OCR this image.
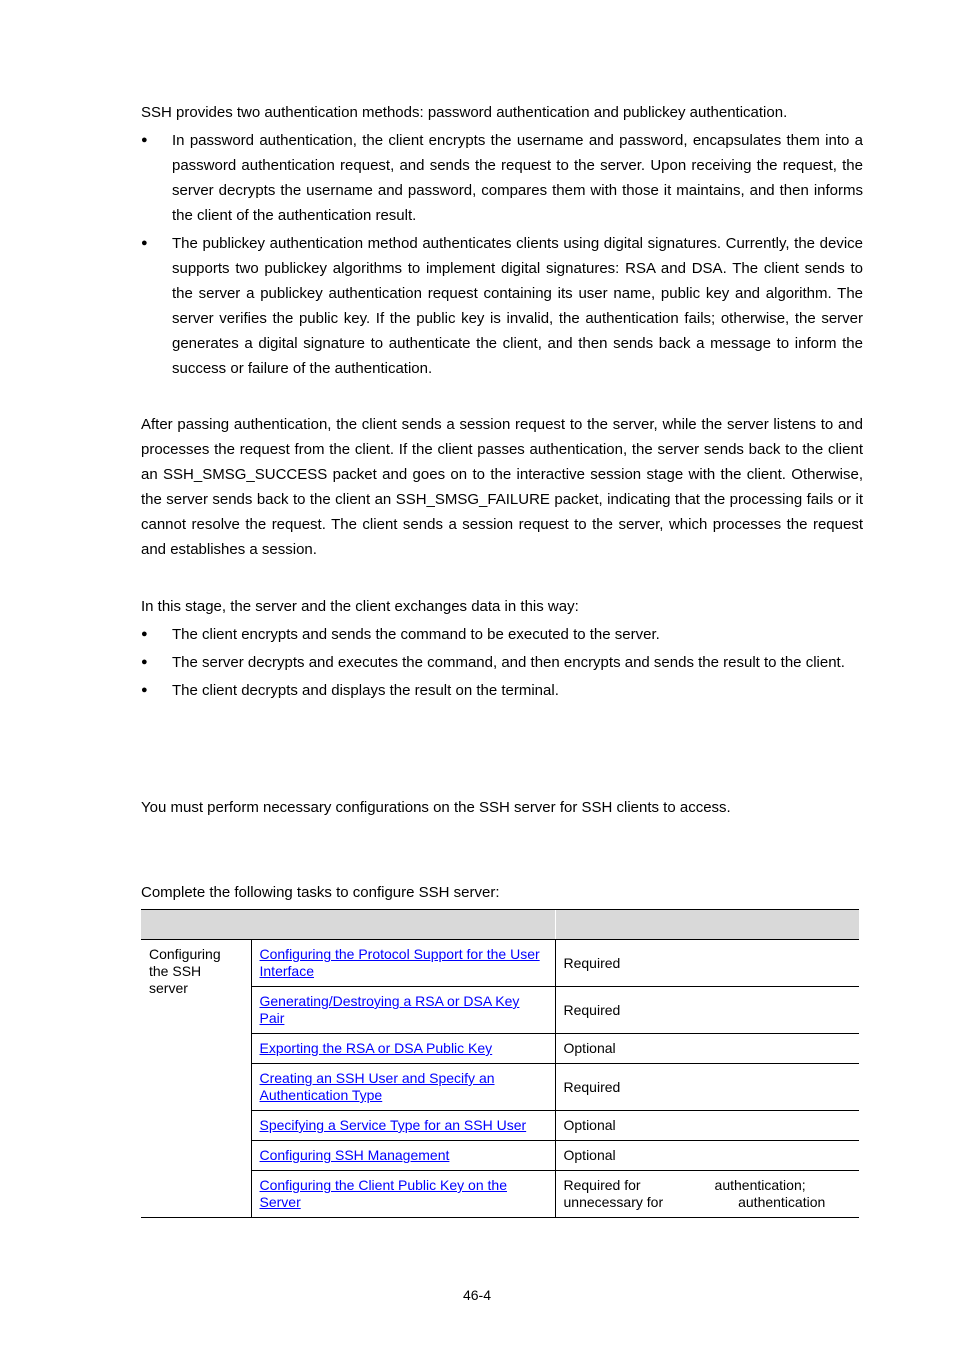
SSH provides two authentication methods: password authentication and publickey authentication.

● In password authentication, the client encrypts the username and password, encapsulates them into a password authentication request, and sends the request to the server. Upon receiving the request, the server decrypts the username and password, compares them with those it maintains, and then informs the client of the authentication result.
● The publickey authentication method authenticates clients using digital signatures. Currently, the device supports two publickey algorithms to implement digital signatures: RSA and DSA. The client sends to the server a publickey authentication request containing its user name, public key and algorithm. The server verifies the public key. If the public key is invalid, the authentication fails; otherwise, the server generates a digital signature to authenticate the client, and then sends back a message to inform the success or failure of the authentication.

After passing authentication, the client sends a session request to the server, while the server listens to and processes the request from the client. If the client passes authentication, the server sends back to the client an SSH_SMSG_SUCCESS packet and goes on to the interactive session stage with the client. Otherwise, the server sends back to the client an SSH_SMSG_FAILURE packet, indicating that the processing fails or it cannot resolve the request. The client sends a session request to the server, which processes the request and establishes a session.

In this stage, the server and the client exchanges data in this way:

● The client encrypts and sends the command to be executed to the server.
● The server decrypts and executes the command, and then encrypts and sends the result to the client.
● The client decrypts and displays the result on the terminal.

You must perform necessary configurations on the SSH server for SSH clients to access.

Complete the following tasks to configure SSH server:

Configuring the SSH server	Configuring the Protocol Support for the User Interface	Required
	Generating/Destroying a RSA or DSA Key Pair	Required
	Exporting the RSA or DSA Public Key	Optional
	Creating an SSH User and Specify an Authentication Type	Required
	Specifying a Service Type for an SSH User	Optional
	Configuring SSH Management	Optional
	Configuring the Client Public Key on the Server	Required for authentication;
unnecessary for authentication
46-4
